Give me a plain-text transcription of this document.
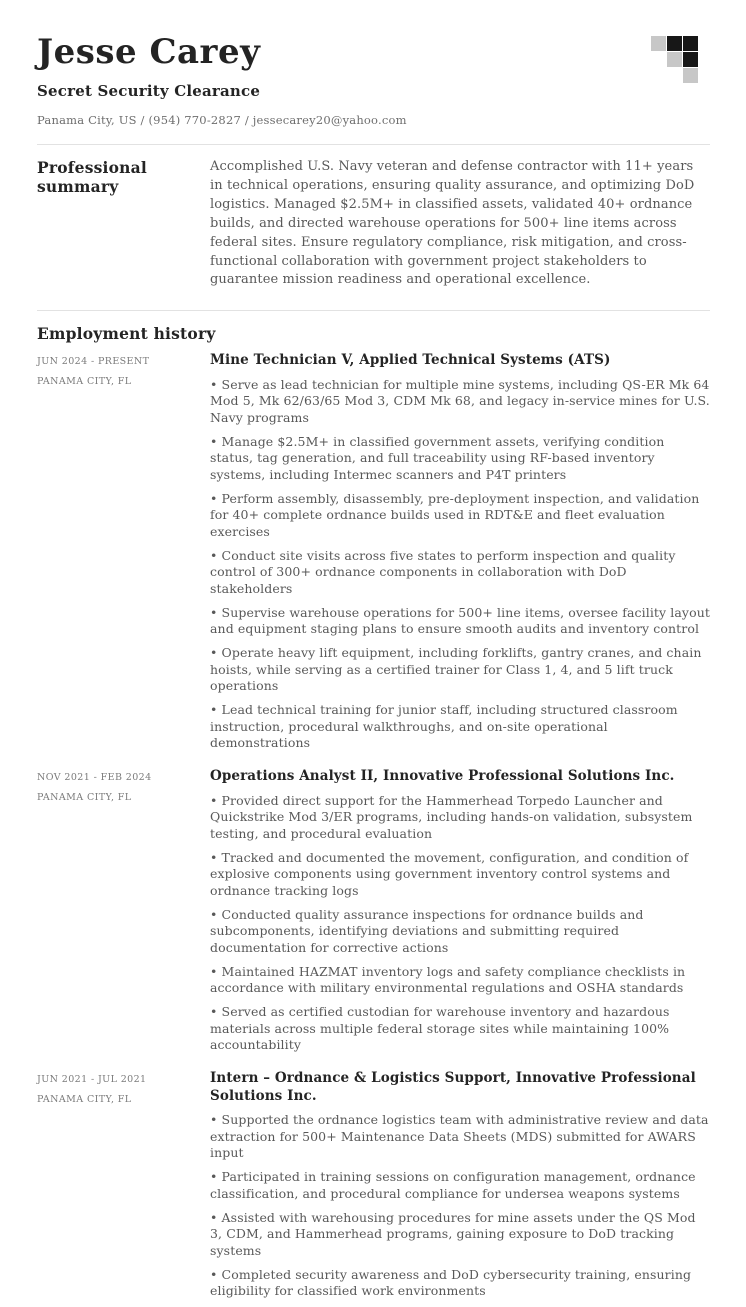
Jesse Carey
Secret Security Clearance
Panama City, US / (954) 770-2827 / jessecarey20@yahoo.com
Professional summary
Accomplished U.S. Navy veteran and defense contractor with 11+ years in technical operations, ensuring quality assurance, and optimizing DoD logistics. Managed $2.5M+ in classified assets, validated 40+ ordnance builds, and directed warehouse operations for 500+ line items across federal sites. Ensure regulatory compliance, risk mitigation, and cross-functional collaboration with government project stakeholders to guarantee mission readiness and operational excellence.
Employment history
JUN 2024 - PRESENT
PANAMA CITY, FL
Mine Technician V, Applied Technical Systems (ATS)
• Serve as lead technician for multiple mine systems, including QS-ER Mk 64 Mod 5, Mk 62/63/65 Mod 3, CDM Mk 68, and legacy in-service mines for U.S. Navy programs
• Manage $2.5M+ in classified government assets, verifying condition status, tag generation, and full traceability using RF-based inventory systems, including Intermec scanners and P4T printers
• Perform assembly, disassembly, pre-deployment inspection, and validation for 40+ complete ordnance builds used in RDT&E and fleet evaluation exercises
• Conduct site visits across five states to perform inspection and quality control of 300+ ordnance components in collaboration with DoD stakeholders
• Supervise warehouse operations for 500+ line items, oversee facility layout and equipment staging plans to ensure smooth audits and inventory control
• Operate heavy lift equipment, including forklifts, gantry cranes, and chain hoists, while serving as a certified trainer for Class 1, 4, and 5 lift truck operations
• Lead technical training for junior staff, including structured classroom instruction, procedural walkthroughs, and on-site operational demonstrations
NOV 2021 - FEB 2024
PANAMA CITY, FL
Operations Analyst II, Innovative Professional Solutions Inc.
• Provided direct support for the Hammerhead Torpedo Launcher and Quickstrike Mod 3/ER programs, including hands-on validation, subsystem testing, and procedural evaluation
• Tracked and documented the movement, configuration, and condition of explosive components using government inventory control systems and ordnance tracking logs
• Conducted quality assurance inspections for ordnance builds and subcomponents, identifying deviations and submitting required documentation for corrective actions
• Maintained HAZMAT inventory logs and safety compliance checklists in accordance with military environmental regulations and OSHA standards
• Served as certified custodian for warehouse inventory and hazardous materials across multiple federal storage sites while maintaining 100% accountability
JUN 2021 - JUL 2021
PANAMA CITY, FL
Intern – Ordnance & Logistics Support, Innovative Professional Solutions Inc.
• Supported the ordnance logistics team with administrative review and data extraction for 500+ Maintenance Data Sheets (MDS) submitted for AWARS input
• Participated in training sessions on configuration management, ordnance classification, and procedural compliance for undersea weapons systems
• Assisted with warehousing procedures for mine assets under the QS Mod 3, CDM, and Hammerhead programs, gaining exposure to DoD tracking systems
• Completed security awareness and DoD cybersecurity training, ensuring eligibility for classified work environments
